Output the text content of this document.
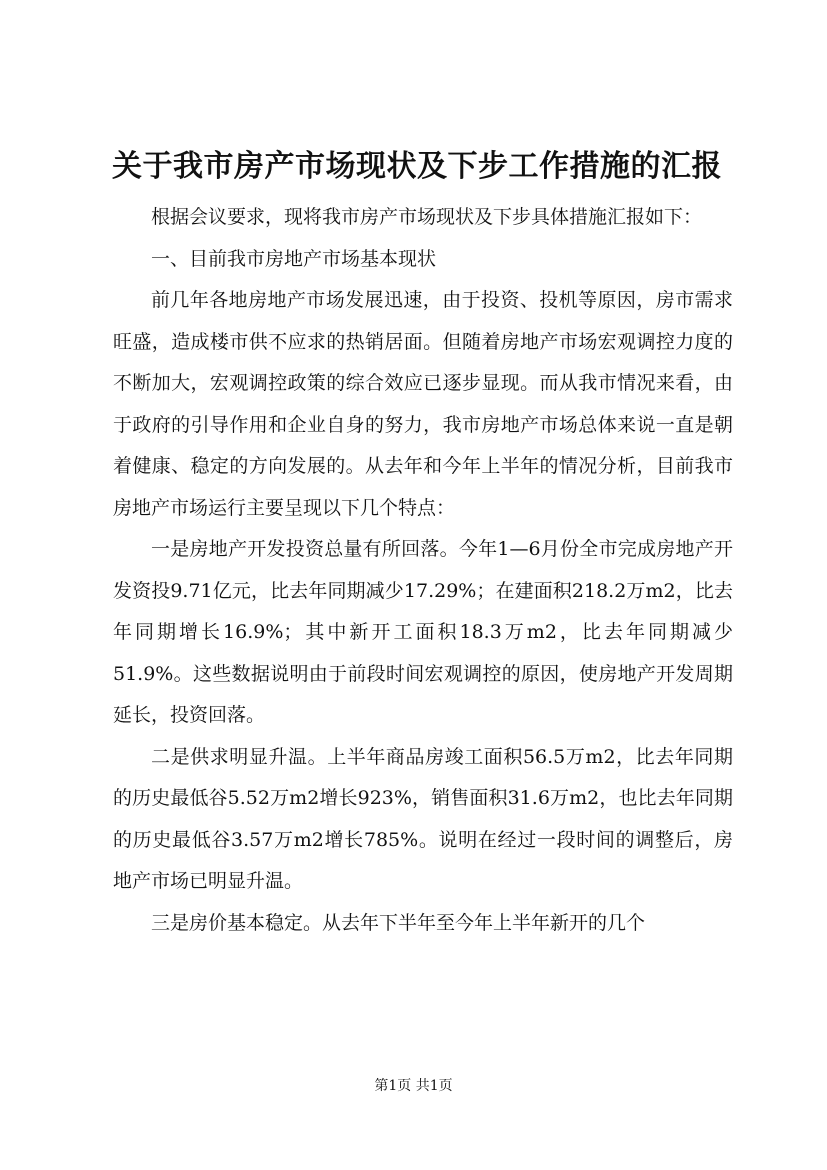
关于我市房产市场现状及下步工作措施的汇报

根据会议要求，现将我市房产市场现状及下步具体措施汇报如下：

一、目前我市房地产市场基本现状

前几年各地房地产市场发展迅速，由于投资、投机等原因，房市需求旺盛，造成楼市供不应求的热销居面。但随着房地产市场宏观调控力度的不断加大，宏观调控政策的综合效应已逐步显现。而从我市情况来看，由于政府的引导作用和企业自身的努力，我市房地产市场总体来说一直是朝着健康、稳定的方向发展的。从去年和今年上半年的情况分析，目前我市房地产市场运行主要呈现以下几个特点：

一是房地产开发投资总量有所回落。今年1—6月份全市完成房地产开发资投9.71亿元，比去年同期减少17.29%；在建面积218.2万m2，比去年同期增长16.9%；其中新开工面积18.3万m2，比去年同期减少51.9%。这些数据说明由于前段时间宏观调控的原因，使房地产开发周期延长，投资回落。

二是供求明显升温。上半年商品房竣工面积56.5万m2，比去年同期的历史最低谷5.52万m2增长923%，销售面积31.6万m2，也比去年同期的历史最低谷3.57万m2增长785%。说明在经过一段时间的调整后，房地产市场已明显升温。

三是房价基本稳定。从去年下半年至今年上半年新开的几个

第1页 共1页
